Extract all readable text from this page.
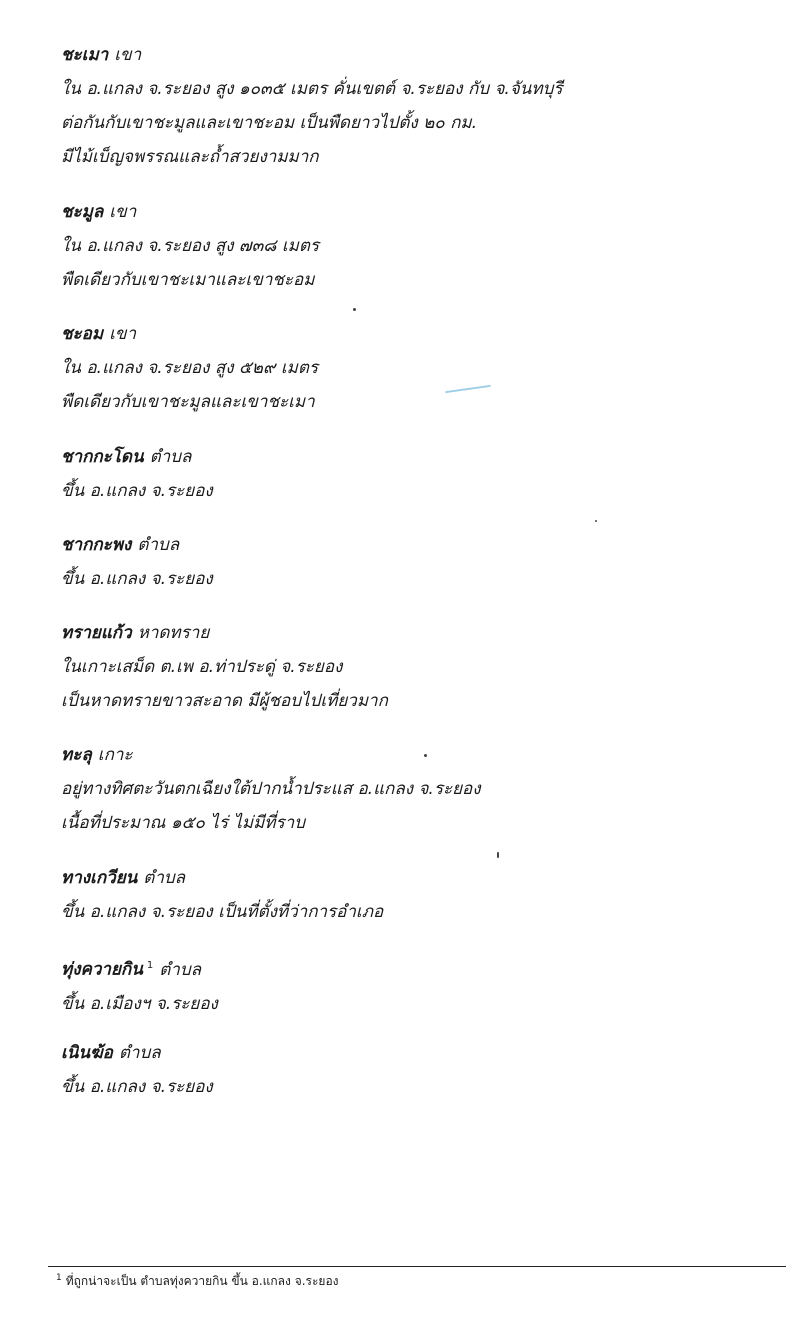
ชะเมา เขา
ใน อ.แกลง จ.ระยอง สูง ๑๐๓๕ เมตร คั่นเขตต์ จ.ระยอง กับ จ.จันทบุรี
ต่อกันกับเขาชะมูลและเขาชะอม เป็นพืดยาวไปตั้ง ๒๐ กม.
มีไม้เบ็ญจพรรณและถ้ำสวยงามมาก
ชะมูล เขา
ใน อ.แกลง จ.ระยอง สูง ๗๓๘ เมตร
พืดเดียวกับเขาชะเมาและเขาชะอม
ชะอม เขา
ใน อ.แกลง จ.ระยอง สูง ๕๒๙ เมตร
พืดเดียวกับเขาชะมูลและเขาชะเมา
ชากกะโดน ตำบล
ขึ้น อ.แกลง จ.ระยอง
ชากกะพง ตำบล
ขึ้น อ.แกลง จ.ระยอง
ทรายแก้ว หาดทราย
ในเกาะเสม็ด ต.เพ อ.ท่าประดู่ จ.ระยอง
เป็นหาดทรายขาวสะอาด มีผู้ชอบไปเที่ยวมาก
ทะลุ เกาะ
อยู่ทางทิศตะวันตกเฉียงใต้ปากน้ำประแส อ.แกลง จ.ระยอง
เนื้อที่ประมาณ ๑๕๐ ไร่ ไม่มีที่ราบ
ทางเกวียน ตำบล
ขึ้น อ.แกลง จ.ระยอง เป็นที่ตั้งที่ว่าการอำเภอ
ทุ่งควายกิน $^1$ ตำบล
ขึ้น อ.เมืองฯ จ.ระยอง
เนินฆ้อ ตำบล
ขึ้น อ.แกลง จ.ระยอง
$^1$ ที่ถูกน่าจะเป็น ตำบลทุ่งควายกิน ขึ้น อ.แกลง จ.ระยอง
